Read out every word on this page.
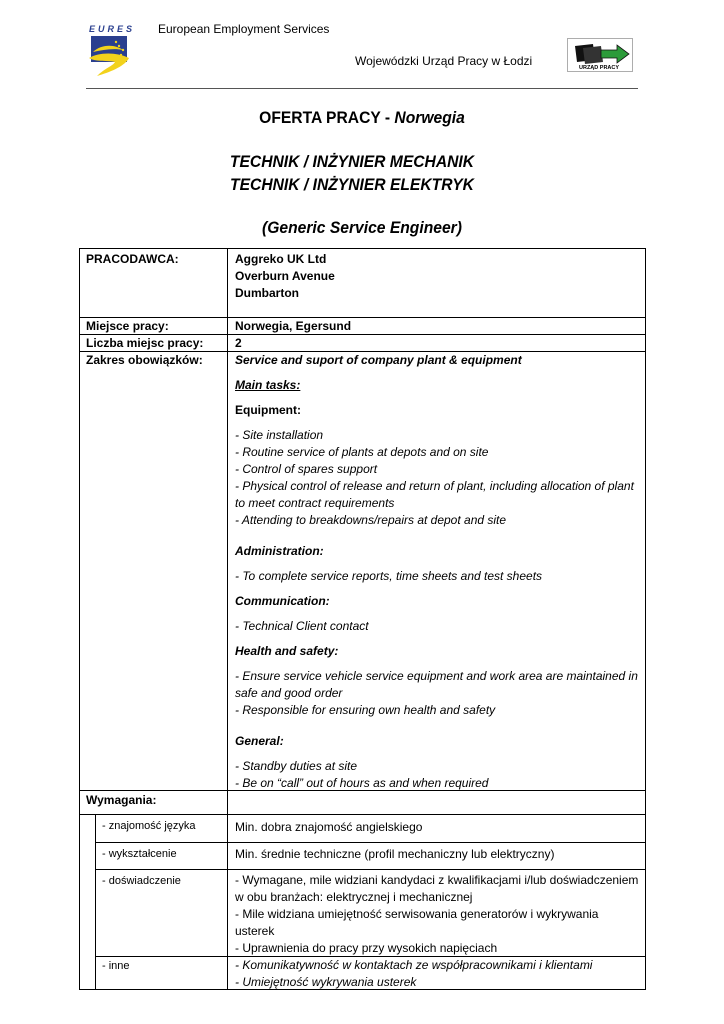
EURES European Employment Services
Wojewódzki Urząd Pracy w Łodzi	URZĄD PRACY
OFERTA PRACY - Norwegia
TECHNIK / INŻYNIER MECHANIK
TECHNIK / INŻYNIER ELEKTRYK
(Generic Service Engineer)
PRACODAWCA:	Aggreko UK Ltd
Overburn Avenue
Dumbarton
Miejsce pracy:	Norwegia, Egersund
Liczba miejsc pracy:	2
Zakres obowiązków:	Service and suport of company plant & equipment
Main tasks:
Equipment:
- Site installation
- Routine service of plants at depots and on site
- Control of spares support
- Physical control of release and return of plant, including allocation of plant
to meet contract requirements
- Attending to breakdowns/repairs at depot and site
Administration:
- To complete service reports, time sheets and test sheets
Communication:
- Technical Client contact
Health and safety:
- Ensure service vehicle service equipment and work area are maintained in
safe and good order
- Responsible for ensuring own health and safety
General:
- Standby duties at site
- Be on “call” out of hours as and when required
Wymagania:
- znajomość języka	Min. dobra znajomość angielskiego
- wykształcenie	Min. średnie techniczne (profil mechaniczny lub elektryczny)
- doświadczenie	- Wymagane, mile widziani kandydaci z kwalifikacjami i/lub doświadczeniem
w obu branżach: elektrycznej i mechanicznej
- Mile widziana umiejętność serwisowania generatorów i wykrywania
usterek
- Uprawnienia do pracy przy wysokich napięciach
- inne	- Komunikatywność w kontaktach ze współpracownikami i klientami
- Umiejętność wykrywania usterek
